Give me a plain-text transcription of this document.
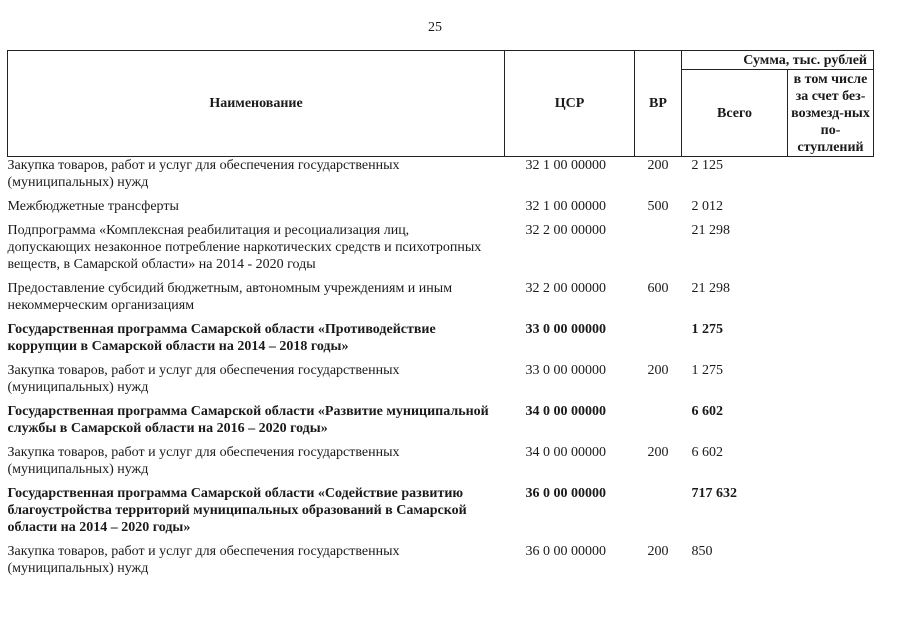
25
Наименование	ЦСР	ВР	Сумма, тыс. рублей	
			Всего	в том числе за счет без-возмезд-ных по-ступлений
Закупка товаров, работ и услуг для обеспечения государственных (муниципальных) нужд	32 1 00 00000	200	2 125	
Межбюджетные трансферты	32 1 00 00000	500	2 012	
Подпрограмма «Комплексная реабилитация и ресоциализация лиц, допускающих незаконное потребление наркотических средств и психотропных веществ, в Самарской области» на 2014 - 2020 годы	32 2 00 00000		21 298	
Предоставление субсидий бюджетным, автономным учреждениям и иным некоммерческим организациям	32 2 00 00000	600	21 298	
Государственная программа Самарской области «Противодействие коррупции в Самарской области на 2014 – 2018 годы»	33 0 00 00000		1 275	
Закупка товаров, работ и услуг для обеспечения государственных (муниципальных) нужд	33 0 00 00000	200	1 275	
Государственная программа Самарской области «Развитие муниципальной службы в Самарской области на 2016 – 2020 годы»	34 0 00 00000		6 602	
Закупка товаров, работ и услуг для обеспечения государственных (муниципальных) нужд	34 0 00 00000	200	6 602	
Государственная программа Самарской области «Содействие развитию благоустройства территорий муниципальных образований в Самарской области на 2014 – 2020 годы»	36 0 00 00000		717 632	
Закупка товаров, работ и услуг для обеспечения государственных (муниципальных) нужд	36 0 00 00000	200	850	
